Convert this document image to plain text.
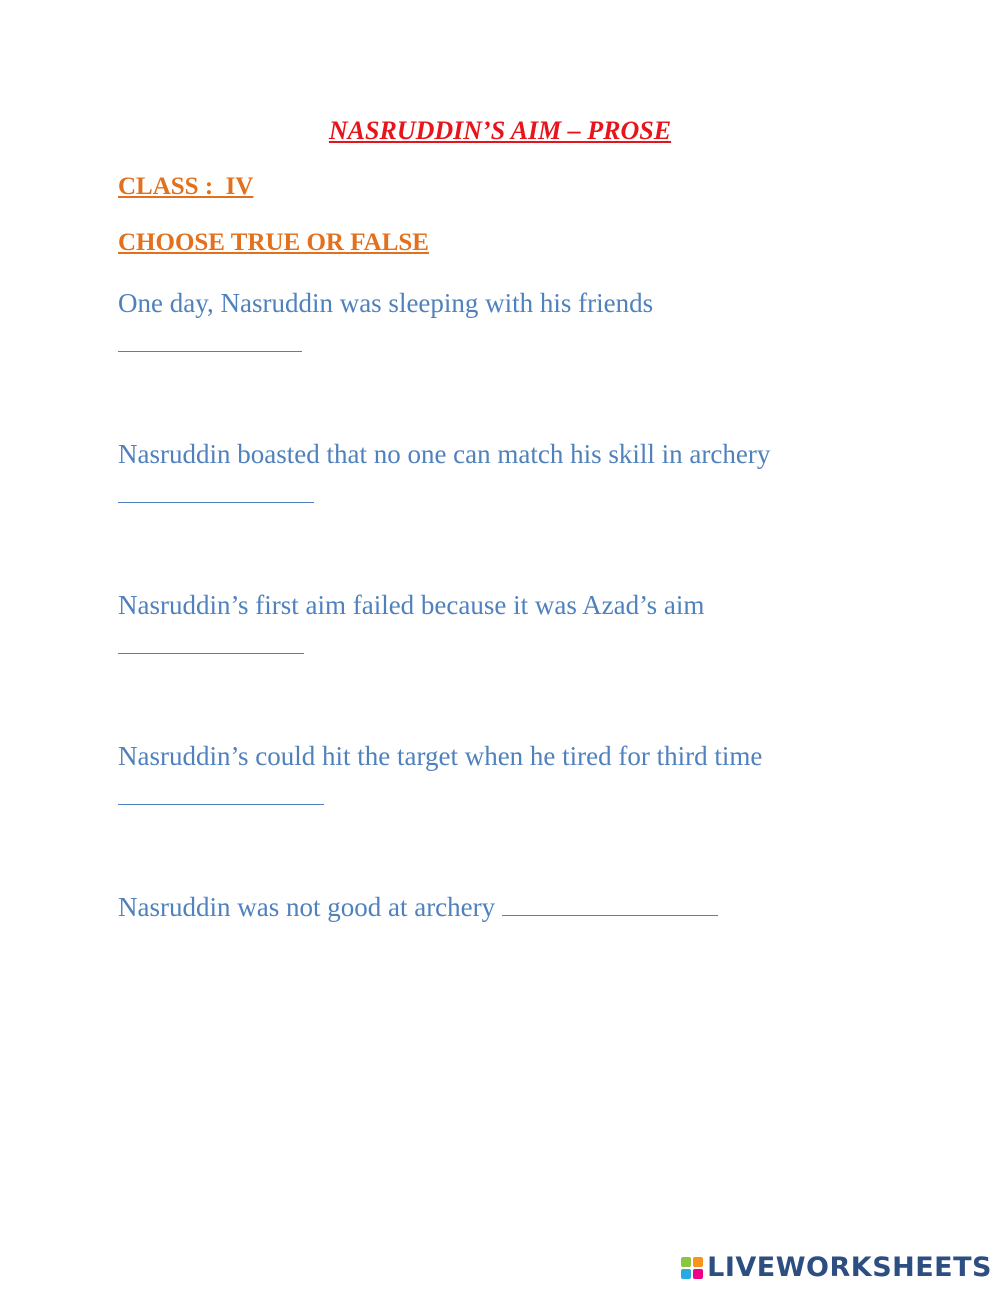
NASRUDDIN’S AIM – PROSE

CLASS :  IV

CHOOSE TRUE OR FALSE

One day, Nasruddin was sleeping with his friends

Nasruddin boasted that no one can match his skill in archery

Nasruddin’s first aim failed because it was Azad’s aim

Nasruddin’s could hit the target when he tired for third time

Nasruddin was not good at archery

LIVEWORKSHEETS
